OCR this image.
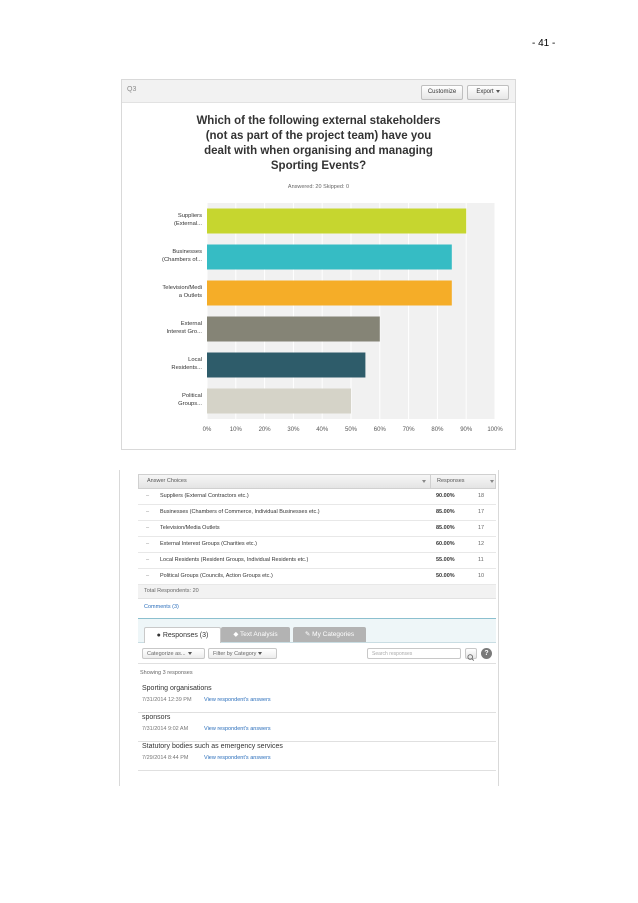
- 41 -
Q3	Customize	Export
Which of the following external stakeholders
(not as part of the project team) have you
dealt with when organising and managing
Sporting Events?
Answered: 20 Skipped: 0
0%	10%	20%	30%	40%	50%	60%	70%	80%	90%	100%
Suppliers
(External...
Businesses
(Chambers of...
Television/Medi
a Outlets
External
Interest Gro...
Local
Residents...
Political
Groups...
Answer Choices	Responses
– Suppliers (External Contractors etc.)	90.00%	18
– Businesses (Chambers of Commerce, Individual Businesses etc.)	85.00%	17
– Television/Media Outlets	85.00%	17
– External Interest Groups (Charities etc.)	60.00%	12
– Local Residents (Resident Groups, Individual Residents etc.)	55.00%	11
– Political Groups (Councils, Action Groups etc.)	50.00%	10
Total Respondents: 20
Comments (3)
● Responses (3)	◆ Text Analysis	✎ My Categories
Categorize as...	Filter by Category	Search responses	?
Showing 3 responses
Sporting organisations
7/31/2014 12:39 PM View respondent's answers
sponsors
7/31/2014 9:02 AM	View respondent's answers
Statutory bodies such as emergency services
7/29/2014 8:44 PM	View respondent's answers
